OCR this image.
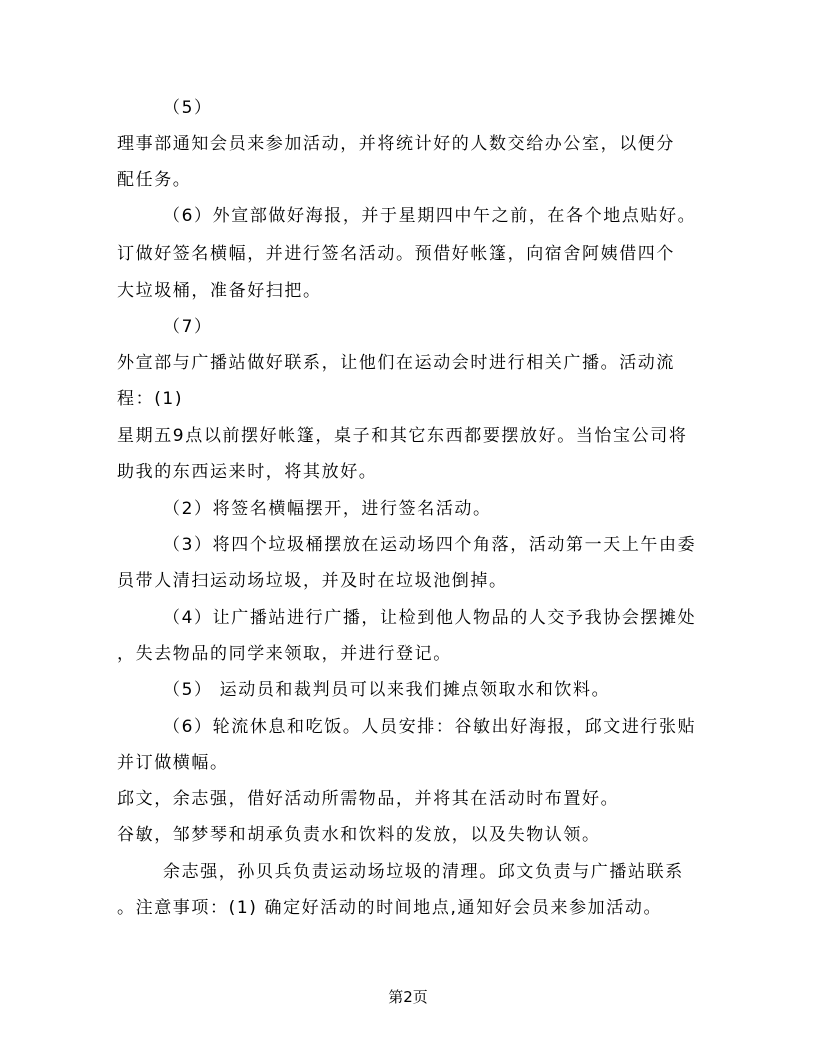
（5）
理事部通知会员来参加活动，并将统计好的人数交给办公室，以便分
配任务。
（6）外宣部做好海报，并于星期四中午之前，在各个地点贴好。
订做好签名横幅，并进行签名活动。预借好帐篷，向宿舍阿姨借四个
大垃圾桶，准备好扫把。
（7）
外宣部与广播站做好联系，让他们在运动会时进行相关广播。活动流
程：(1)
星期五9点以前摆好帐篷，桌子和其它东西都要摆放好。当怡宝公司将
助我的东西运来时，将其放好。
（2）将签名横幅摆开，进行签名活动。
（3）将四个垃圾桶摆放在运动场四个角落，活动第一天上午由委
员带人清扫运动场垃圾，并及时在垃圾池倒掉。
（4）让广播站进行广播，让检到他人物品的人交予我协会摆摊处
，失去物品的同学来领取，并进行登记。
（5） 运动员和裁判员可以来我们摊点领取水和饮料。
（6）轮流休息和吃饭。人员安排：谷敏出好海报，邱文进行张贴
并订做横幅。
邱文，余志强，借好活动所需物品，并将其在活动时布置好。
谷敏，邹梦琴和胡承负责水和饮料的发放，以及失物认领。
余志强，孙贝兵负责运动场垃圾的清理。邱文负责与广播站联系
。注意事项：(1) 确定好活动的时间地点,通知好会员来参加活动。
第2页
